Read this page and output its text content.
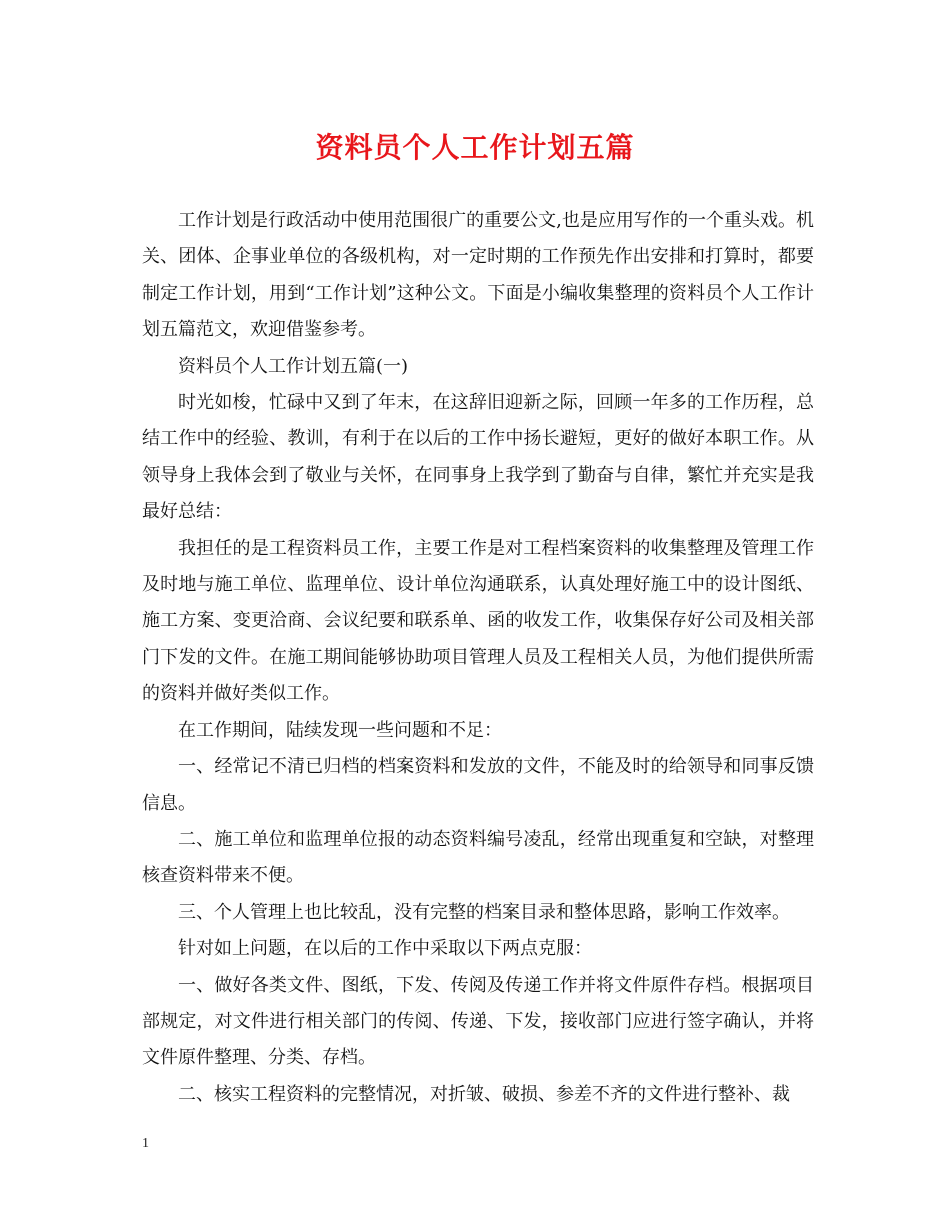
资料员个人工作计划五篇

工作计划是行政活动中使用范围很广的重要公文,也是应用写作的一个重头戏。机关、团体、企事业单位的各级机构，对一定时期的工作预先作出安排和打算时，都要制定工作计划，用到“工作计划”这种公文。下面是小编收集整理的资料员个人工作计划五篇范文，欢迎借鉴参考。

资料员个人工作计划五篇(一)

时光如梭，忙碌中又到了年末，在这辞旧迎新之际，回顾一年多的工作历程，总结工作中的经验、教训，有利于在以后的工作中扬长避短，更好的做好本职工作。从领导身上我体会到了敬业与关怀，在同事身上我学到了勤奋与自律，繁忙并充实是我最好总结：

我担任的是工程资料员工作，主要工作是对工程档案资料的收集整理及管理工作及时地与施工单位、监理单位、设计单位沟通联系，认真处理好施工中的设计图纸、施工方案、变更洽商、会议纪要和联系单、函的收发工作，收集保存好公司及相关部门下发的文件。在施工期间能够协助项目管理人员及工程相关人员，为他们提供所需的资料并做好类似工作。

在工作期间，陆续发现一些问题和不足：

一、经常记不清已归档的档案资料和发放的文件，不能及时的给领导和同事反馈信息。

二、施工单位和监理单位报的动态资料编号凌乱，经常出现重复和空缺，对整理核查资料带来不便。

三、个人管理上也比较乱，没有完整的档案目录和整体思路，影响工作效率。

针对如上问题，在以后的工作中采取以下两点克服：

一、做好各类文件、图纸，下发、传阅及传递工作并将文件原件存档。根据项目部规定，对文件进行相关部门的传阅、传递、下发，接收部门应进行签字确认，并将文件原件整理、分类、存档。

二、核实工程资料的完整情况，对折皱、破损、参差不齐的文件进行整补、裁

1
